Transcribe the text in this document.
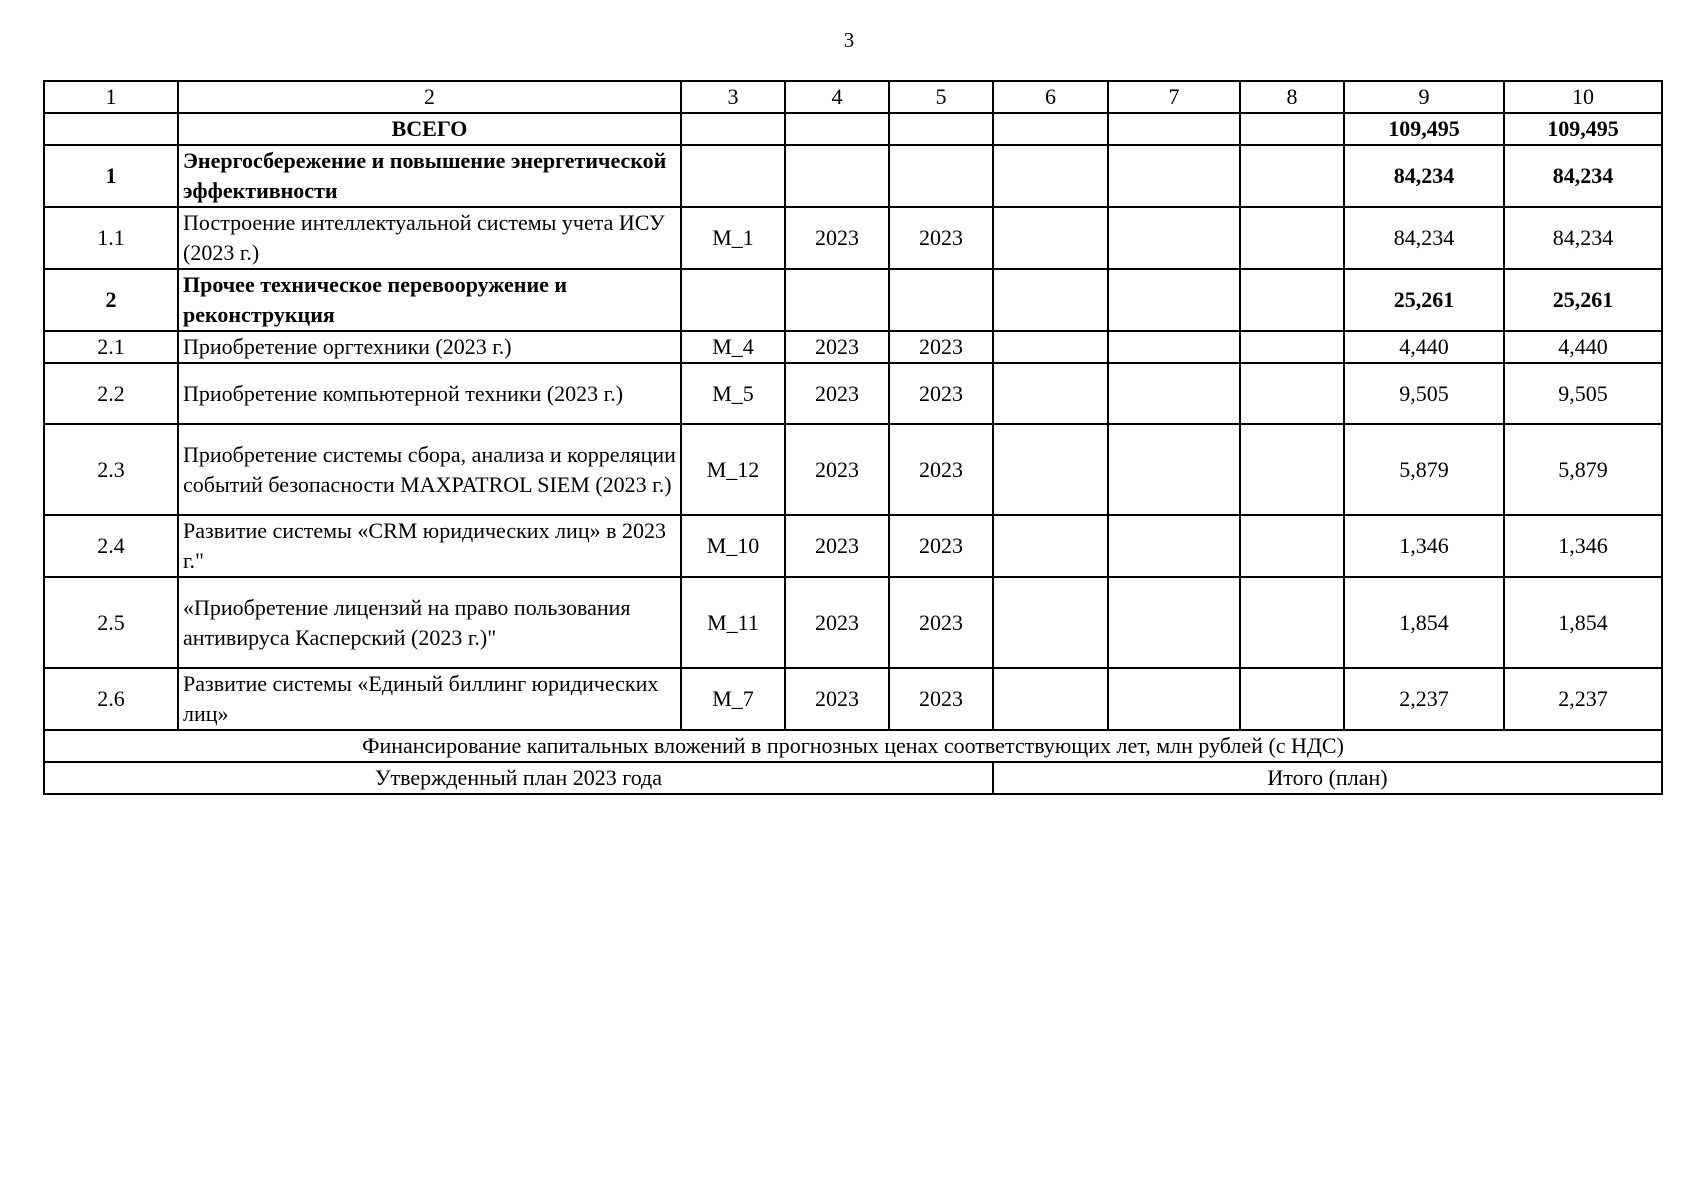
3
1	2	3	4	5	6	7	8	9	10
	ВСЕГО							109,495	109,495
1	Энергосбережение и повышение энергетической эффективности							84,234	84,234
1.1	Построение интеллектуальной системы учета ИСУ (2023 г.)	M_1	2023	2023				84,234	84,234
2	Прочее техническое перевооружение и реконструкция							25,261	25,261
2.1	Приобретение оргтехники (2023 г.)	M_4	2023	2023				4,440	4,440
2.2	Приобретение компьютерной техники (2023 г.)	M_5	2023	2023				9,505	9,505
2.3	Приобретение системы сбора, анализа и корреляции событий безопасности MAXPATROL SIEM (2023 г.)	M_12	2023	2023				5,879	5,879
2.4	Развитие системы «CRM юридических лиц» в 2023 г."	M_10	2023	2023				1,346	1,346
2.5	«Приобретение лицензий на право пользования антивируса Касперский (2023 г.)"	M_11	2023	2023				1,854	1,854
2.6	Развитие системы «Единый биллинг юридических лиц»	M_7	2023	2023				2,237	2,237
Финансирование капитальных вложений в прогнозных ценах соответствующих лет, млн рублей (с НДС)									
Утвержденный план 2023 года					Итого (план)				
